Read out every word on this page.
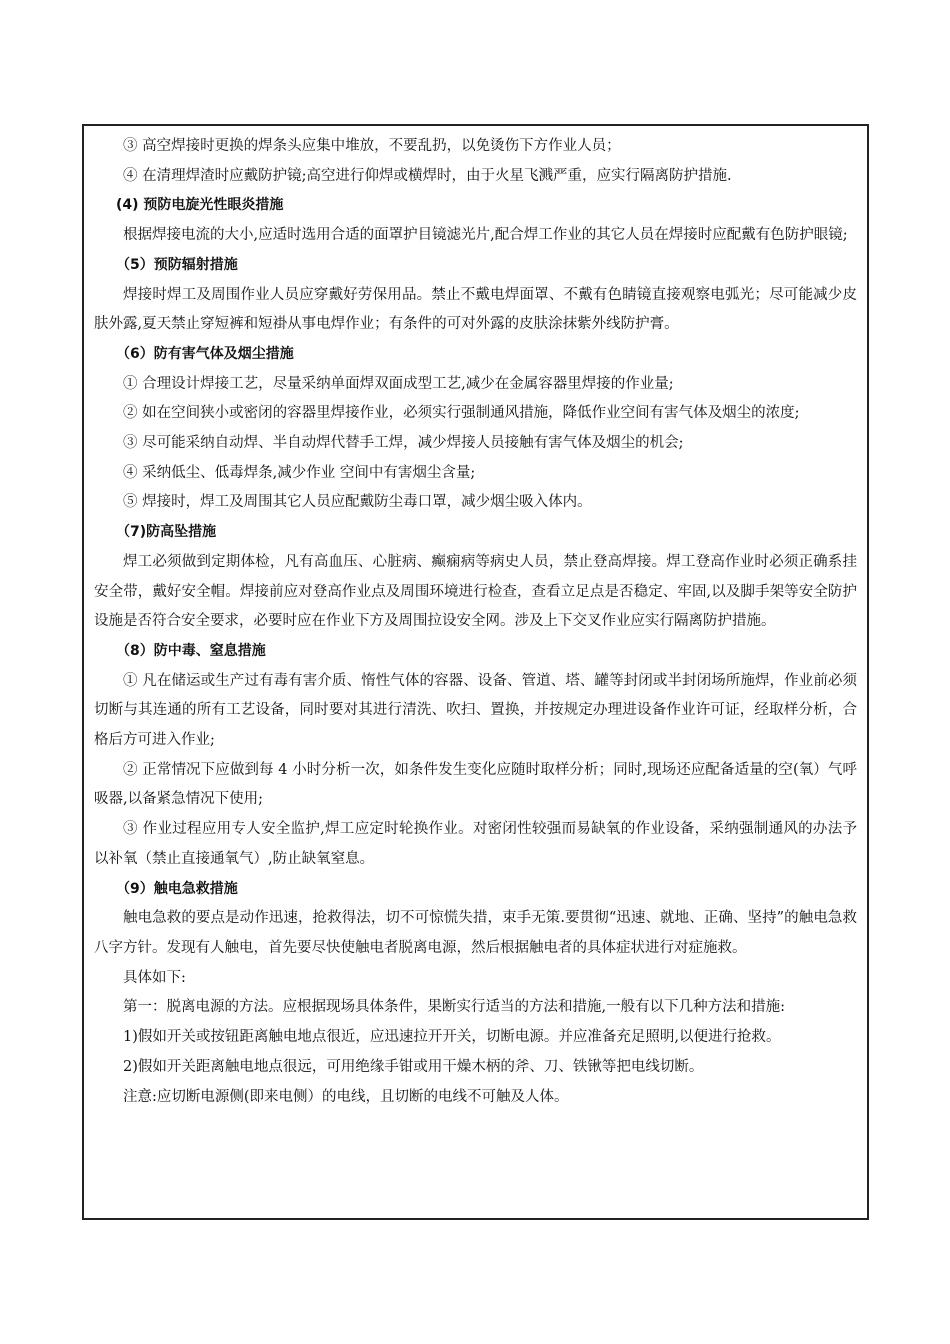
③ 高空焊接时更换的焊条头应集中堆放，不要乱扔，以免烫伤下方作业人员；
④ 在清理焊渣时应戴防护镜;高空进行仰焊或横焊时，由于火星飞溅严重，应实行隔离防护措施.
(4) 预防电旋光性眼炎措施
根据焊接电流的大小,应适时选用合适的面罩护目镜滤光片,配合焊工作业的其它人员在焊接时应配戴有色防护眼镜;
（5）预防辐射措施
焊接时焊工及周围作业人员应穿戴好劳保用品。禁止不戴电焊面罩、不戴有色睛镜直接观察电弧光；尽可能减少皮肤外露,夏天禁止穿短裤和短褂从事电焊作业；有条件的可对外露的皮肤涂抹紫外线防护膏。
（6）防有害气体及烟尘措施
① 合理设计焊接工艺，尽量采纳单面焊双面成型工艺,减少在金属容器里焊接的作业量;
② 如在空间狭小或密闭的容器里焊接作业，必须实行强制通风措施，降低作业空间有害气体及烟尘的浓度;
③ 尽可能采纳自动焊、半自动焊代替手工焊，减少焊接人员接触有害气体及烟尘的机会;
④ 采纳低尘、低毒焊条,减少作业 空间中有害烟尘含量;
⑤ 焊接时，焊工及周围其它人员应配戴防尘毒口罩，减少烟尘吸入体内。
（7)防高坠措施
焊工必须做到定期体检，凡有高血压、心脏病、癫痫病等病史人员，禁止登高焊接。焊工登高作业时必须正确系挂安全带，戴好安全帽。焊接前应对登高作业点及周围环境进行检查，查看立足点是否稳定、牢固,以及脚手架等安全防护设施是否符合安全要求，必要时应在作业下方及周围拉设安全网。涉及上下交叉作业应实行隔离防护措施。
（8）防中毒、窒息措施
① 凡在储运或生产过有毒有害介质、惰性气体的容器、设备、管道、塔、罐等封闭或半封闭场所施焊，作业前必须切断与其连通的所有工艺设备，同时要对其进行清洗、吹扫、置换，并按规定办理进设备作业许可证，经取样分析，合格后方可进入作业;
② 正常情况下应做到每 4 小时分析一次，如条件发生变化应随时取样分析；同时,现场还应配备适量的空(氧）气呼吸器,以备紧急情况下使用;
③ 作业过程应用专人安全监护,焊工应定时轮换作业。对密闭性较强而易缺氧的作业设备，采纳强制通风的办法予以补氧（禁止直接通氧气）,防止缺氧窒息。
（9）触电急救措施
触电急救的要点是动作迅速，抢救得法，切不可惊慌失措，束手无策.要贯彻“迅速、就地、正确、坚持”的触电急救八字方针。发现有人触电，首先要尽快使触电者脱离电源，然后根据触电者的具体症状进行对症施救。
具体如下:
第一：脱离电源的方法。应根据现场具体条件，果断实行适当的方法和措施,一般有以下几种方法和措施:
1)假如开关或按钮距离触电地点很近，应迅速拉开开关，切断电源。并应准备充足照明,以便进行抢救。
2)假如开关距离触电地点很远，可用绝缘手钳或用干燥木柄的斧、刀、铁锹等把电线切断。
注意:应切断电源侧(即来电侧）的电线，且切断的电线不可触及人体。
